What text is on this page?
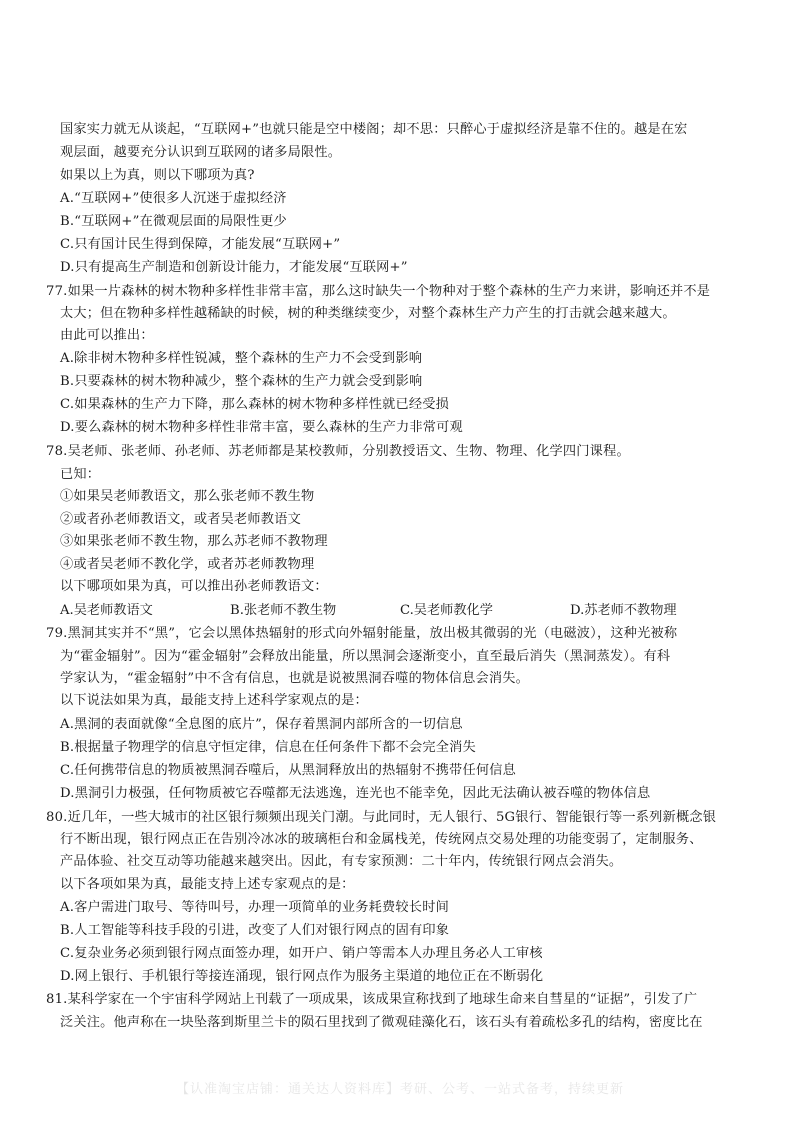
国家实力就无从谈起，“互联网+”也就只能是空中楼阁；却不思：只醉心于虚拟经济是靠不住的。越是在宏
观层面，越要充分认识到互联网的诸多局限性。
如果以上为真，则以下哪项为真?
A.“互联网+”使很多人沉迷于虚拟经济
B.“互联网+”在微观层面的局限性更少
C.只有国计民生得到保障，才能发展“互联网+”
D.只有提高生产制造和创新设计能力，才能发展“互联网+”
77.如果一片森林的树木物种多样性非常丰富，那么这时缺失一个物种对于整个森林的生产力来讲，影响还并不是
太大；但在物种多样性越稀缺的时候，树的种类继续变少，对整个森林生产力产生的打击就会越来越大。
由此可以推出：
A.除非树木物种多样性锐减，整个森林的生产力不会受到影响
B.只要森林的树木物种减少，整个森林的生产力就会受到影响
C.如果森林的生产力下降，那么森林的树木物种多样性就已经受损
D.要么森林的树木物种多样性非常丰富，要么森林的生产力非常可观
78.吴老师、张老师、孙老师、苏老师都是某校教师，分别教授语文、生物、物理、化学四门课程。
已知：
①如果吴老师教语文，那么张老师不教生物
②或者孙老师教语文，或者吴老师教语文
③如果张老师不教生物，那么苏老师不教物理
④或者吴老师不教化学，或者苏老师教物理
以下哪项如果为真，可以推出孙老师教语文：
A.吴老师教语文	B.张老师不教生物	C.吴老师教化学	D.苏老师不教物理
79.黑洞其实并不“黑”，它会以黑体热辐射的形式向外辐射能量，放出极其微弱的光（电磁波），这种光被称
为“霍金辐射”。因为“霍金辐射”会释放出能量，所以黑洞会逐渐变小，直至最后消失（黑洞蒸发）。有科
学家认为，“霍金辐射”中不含有信息，也就是说被黑洞吞噬的物体信息会消失。
以下说法如果为真，最能支持上述科学家观点的是：
A.黑洞的表面就像“全息图的底片”，保存着黑洞内部所含的一切信息
B.根据量子物理学的信息守恒定律，信息在任何条件下都不会完全消失
C.任何携带信息的物质被黑洞吞噬后，从黑洞释放出的热辐射不携带任何信息
D.黑洞引力极强，任何物质被它吞噬都无法逃逸，连光也不能幸免，因此无法确认被吞噬的物体信息
80.近几年，一些大城市的社区银行频频出现关门潮。与此同时，无人银行、5G银行、智能银行等一系列新概念银
行不断出现，银行网点正在告别冷冰冰的玻璃柜台和金属栈羌，传统网点交易处理的功能变弱了，定制服务、
产品体验、社交互动等功能越来越突出。因此，有专家预测：二十年内，传统银行网点会消失。
以下各项如果为真，最能支持上述专家观点的是：
A.客户需进门取号、等待叫号，办理一项简单的业务耗费较长时间
B.人工智能等科技手段的引进，改变了人们对银行网点的固有印象
C.复杂业务必须到银行网点面签办理，如开户、销户等需本人办理且务必人工审核
D.网上银行、手机银行等接连涌现，银行网点作为服务主渠道的地位正在不断弱化
81.某科学家在一个宇宙科学网站上刊载了一项成果，该成果宣称找到了地球生命来自彗星的“证据”，引发了广
泛关注。他声称在一块坠落到斯里兰卡的陨石里找到了微观硅藻化石，该石头有着疏松多孔的结构，密度比在
【认准淘宝店铺：通关达人资料库】考研、公考、一站式备考，持续更新
